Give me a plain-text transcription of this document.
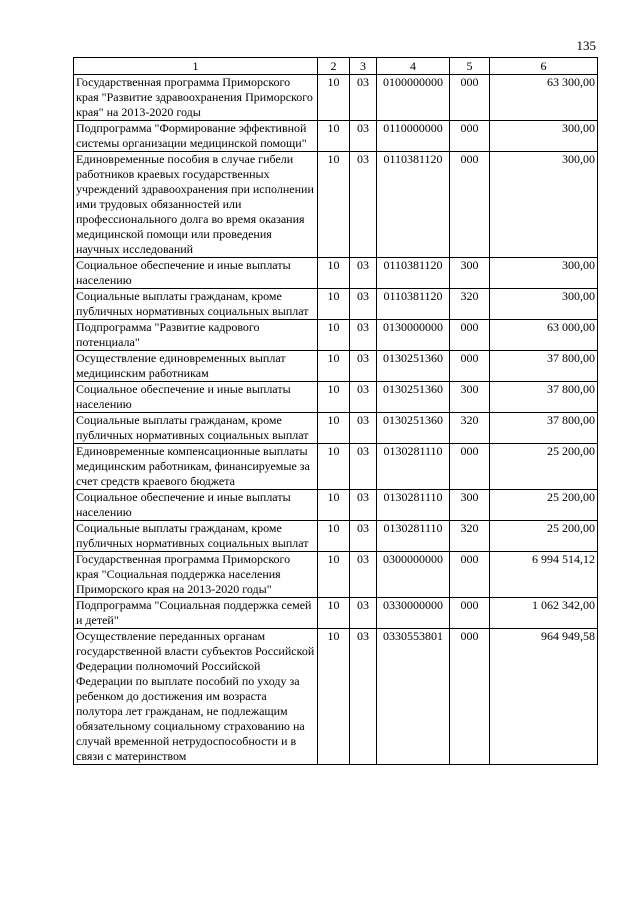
135
1	2	3	4	5	6
Государственная программа Приморского края "Развитие здравоохранения Приморского края" на 2013-2020 годы	10	03	0100000000	000	63 300,00
Подпрограмма "Формирование эффективной системы организации медицинской помощи"	10	03	0110000000	000	300,00
Единовременные пособия в случае гибели работников краевых государственных учреждений здравоохранения при исполнении ими трудовых обязанностей или профессионального долга во время оказания медицинской помощи или проведения научных исследований	10	03	0110381120	000	300,00
Социальное обеспечение и иные выплаты населению	10	03	0110381120	300	300,00
Социальные выплаты гражданам, кроме публичных нормативных социальных выплат	10	03	0110381120	320	300,00
Подпрограмма "Развитие кадрового потенциала"	10	03	0130000000	000	63 000,00
Осуществление единовременных выплат медицинским работникам	10	03	0130251360	000	37 800,00
Социальное обеспечение и иные выплаты населению	10	03	0130251360	300	37 800,00
Социальные выплаты гражданам, кроме публичных нормативных социальных выплат	10	03	0130251360	320	37 800,00
Единовременные компенсационные выплаты медицинским работникам, финансируемые за счет средств краевого бюджета	10	03	0130281110	000	25 200,00
Социальное обеспечение и иные выплаты населению	10	03	0130281110	300	25 200,00
Социальные выплаты гражданам, кроме публичных нормативных социальных выплат	10	03	0130281110	320	25 200,00
Государственная программа Приморского края "Социальная поддержка населения Приморского края на 2013-2020 годы"	10	03	0300000000	000	6 994 514,12
Подпрограмма "Социальная поддержка семей и детей"	10	03	0330000000	000	1 062 342,00
Осуществление переданных органам государственной власти субъектов Российской Федерации полномочий Российской Федерации по выплате пособий по уходу за ребенком до достижения им возраста полутора лет гражданам, не подлежащим обязательному социальному страхованию на случай временной нетрудоспособности и в связи с материнством	10	03	0330553801	000	964 949,58
